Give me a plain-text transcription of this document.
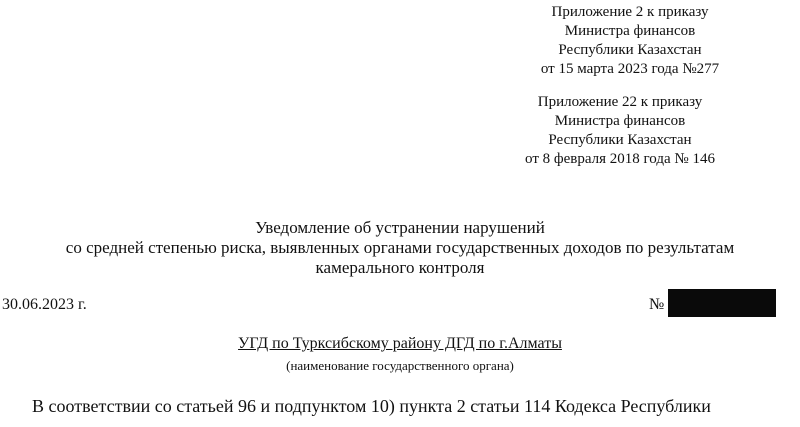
Приложение 2 к приказу
Министра финансов
Республики Казахстан
от 15 марта 2023 года №277
Приложение 22 к приказу
Министра финансов
Республики Казахстан
от 8 февраля 2018 года № 146
Уведомление об устранении нарушений
со средней степенью риска, выявленных органами государственных доходов по результатам
камерального контроля
30.06.2023 г.	№
УГД по Турксибскому району ДГД по г.Алматы
(наименование государственного органа)
В соответствии со статьей 96 и подпунктом 10) пункта 2 статьи 114 Кодекса Республики
